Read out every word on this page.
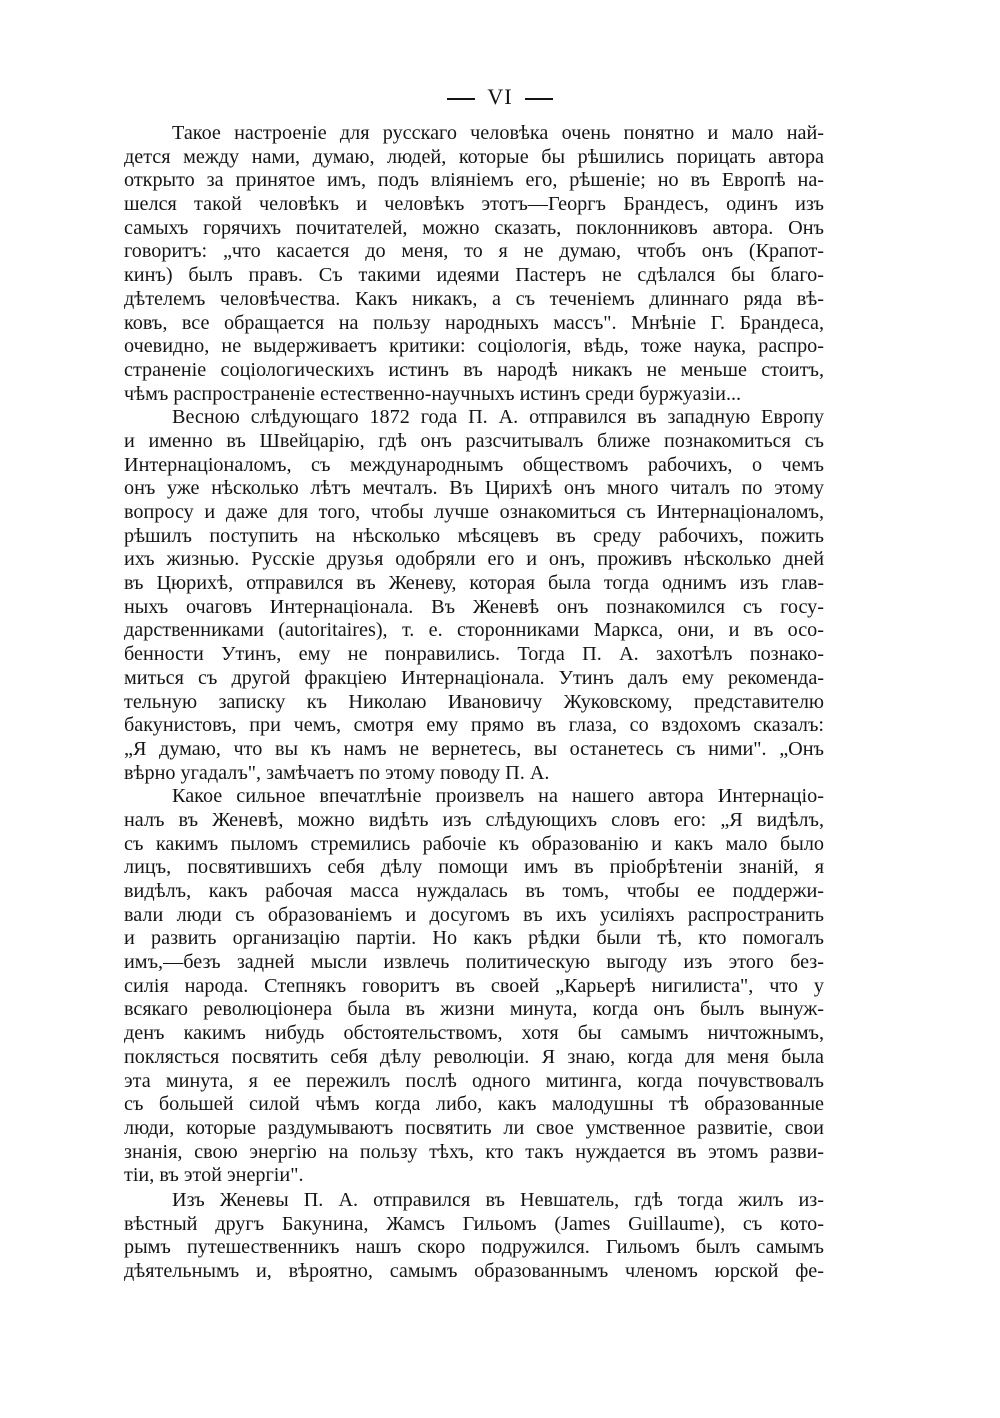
VI
Такое настроеніе для русскаго человѣка очень понятно и мало най-
дется между нами, думаю, людей, которые бы рѣшились порицать автора
открыто за принятое имъ, подъ вліяніемъ его, рѣшеніе; но въ Европѣ на-
шелся такой человѣкъ и человѣкъ этотъ—Георгъ Брандесъ, одинъ изъ
самыхъ горячихъ почитателей, можно сказать, поклонниковъ автора. Онъ
говоритъ: „что касается до меня, то я не думаю, чтобъ онъ (Крапот-
кинъ) былъ правъ. Съ такими идеями Пастеръ не сдѣлался бы благо-
дѣтелемъ человѣчества. Какъ никакъ, а съ теченіемъ длиннаго ряда вѣ-
ковъ, все обращается на пользу народныхъ массъ". Мнѣніе Г. Брандеса,
очевидно, не выдерживаетъ критики: соціологія, вѣдь, тоже наука, распро-
страненіе соціологическихъ истинъ въ народѣ никакъ не меньше стоитъ,
чѣмъ распространеніе естественно-научныхъ истинъ среди буржуазіи...
Весною слѣдующаго 1872 года П. А. отправился въ западную Европу
и именно въ Швейцарію, гдѣ онъ разсчитывалъ ближе познакомиться съ
Интернаціоналомъ, съ международнымъ обществомъ рабочихъ, о чемъ
онъ уже нѣсколько лѣтъ мечталъ. Въ Цирихѣ онъ много читалъ по этому
вопросу и даже для того, чтобы лучше ознакомиться съ Интернаціоналомъ,
рѣшилъ поступить на нѣсколько мѣсяцевъ въ среду рабочихъ, пожить
ихъ жизнью. Русскіе друзья одобряли его и онъ, проживъ нѣсколько дней
въ Цюрихѣ, отправился въ Женеву, которая была тогда однимъ изъ глав-
ныхъ очаговъ Интернаціонала. Въ Женевѣ онъ познакомился съ госу-
дарственниками (autoritaires), т. е. сторонниками Маркса, они, и въ осо-
бенности Утинъ, ему не понравились. Тогда П. А. захотѣлъ познако-
миться съ другой фракціею Интернаціонала. Утинъ далъ ему рекоменда-
тельную записку къ Николаю Ивановичу Жуковскому, представителю
бакунистовъ, при чемъ, смотря ему прямо въ глаза, со вздохомъ сказалъ:
„Я думаю, что вы къ намъ не вернетесь, вы останетесь съ ними". „Онъ
вѣрно угадалъ", замѣчаетъ по этому поводу П. А.
Какое сильное впечатлѣніе произвелъ на нашего автора Интернаціо-
налъ въ Женевѣ, можно видѣть изъ слѣдующихъ словъ его: „Я видѣлъ,
съ какимъ пыломъ стремились рабочіе къ образованію и какъ мало было
лицъ, посвятившихъ себя дѣлу помощи имъ въ пріобрѣтеніи знаній, я
видѣлъ, какъ рабочая масса нуждалась въ томъ, чтобы ее поддержи-
вали люди съ образованіемъ и досугомъ въ ихъ усиліяхъ распространить
и развить организацію партіи. Но какъ рѣдки были тѣ, кто помогалъ
имъ,—безъ задней мысли извлечь политическую выгоду изъ этого без-
силія народа. Степнякъ говоритъ въ своей „Карьерѣ нигилиста", что у
всякаго революціонера была въ жизни минута, когда онъ былъ вынуж-
денъ какимъ нибудь обстоятельствомъ, хотя бы самымъ ничтожнымъ,
поклясться посвятить себя дѣлу революціи. Я знаю, когда для меня была
эта минута, я ее пережилъ послѣ одного митинга, когда почувствовалъ
съ большей силой чѣмъ когда либо, какъ малодушны тѣ образованные
люди, которые раздумываютъ посвятить ли свое умственное развитіе, свои
знанія, свою энергію на пользу тѣхъ, кто такъ нуждается въ этомъ разви-
тіи, въ этой энергіи".
Изъ Женевы П. А. отправился въ Невшатель, гдѣ тогда жилъ из-
вѣстный другъ Бакунина, Жамсъ Гильомъ (James Guillaume), съ кото-
рымъ путешественникъ нашъ скоро подружился. Гильомъ былъ самымъ
дѣятельнымъ и, вѣроятно, самымъ образованнымъ членомъ юрской фе-
